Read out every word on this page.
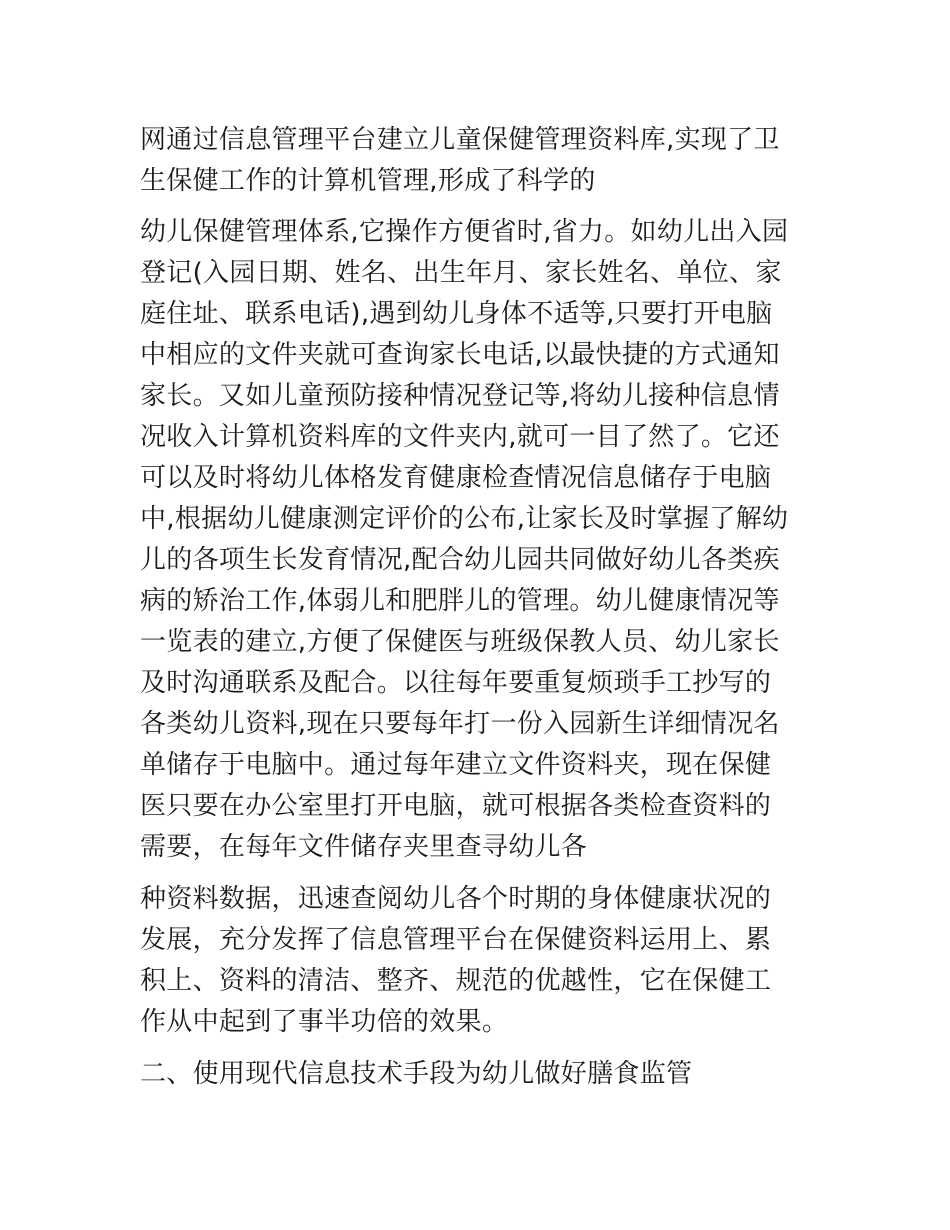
网通过信息管理平台建立儿童保健管理资料库,实现了卫
生保健工作的计算机管理,形成了科学的

幼儿保健管理体系,它操作方便省时,省力。如幼儿出入园
登记(入园日期、姓名、出生年月、家长姓名、单位、家
庭住址、联系电话),遇到幼儿身体不适等,只要打开电脑
中相应的文件夹就可查询家长电话,以最快捷的方式通知
家长。又如儿童预防接种情况登记等,将幼儿接种信息情
况收入计算机资料库的文件夹内,就可一目了然了。它还
可以及时将幼儿体格发育健康检查情况信息储存于电脑
中,根据幼儿健康测定评价的公布,让家长及时掌握了解幼
儿的各项生长发育情况,配合幼儿园共同做好幼儿各类疾
病的矫治工作,体弱儿和肥胖儿的管理。幼儿健康情况等
一览表的建立,方便了保健医与班级保教人员、幼儿家长
及时沟通联系及配合。以往每年要重复烦琐手工抄写的
各类幼儿资料,现在只要每年打一份入园新生详细情况名
单储存于电脑中。通过每年建立文件资料夹，现在保健
医只要在办公室里打开电脑，就可根据各类检查资料的
需要，在每年文件储存夹里查寻幼儿各

种资料数据，迅速查阅幼儿各个时期的身体健康状况的
发展，充分发挥了信息管理平台在保健资料运用上、累
积上、资料的清洁、整齐、规范的优越性，它在保健工
作从中起到了事半功倍的效果。

二、使用现代信息技术手段为幼儿做好膳食监管
